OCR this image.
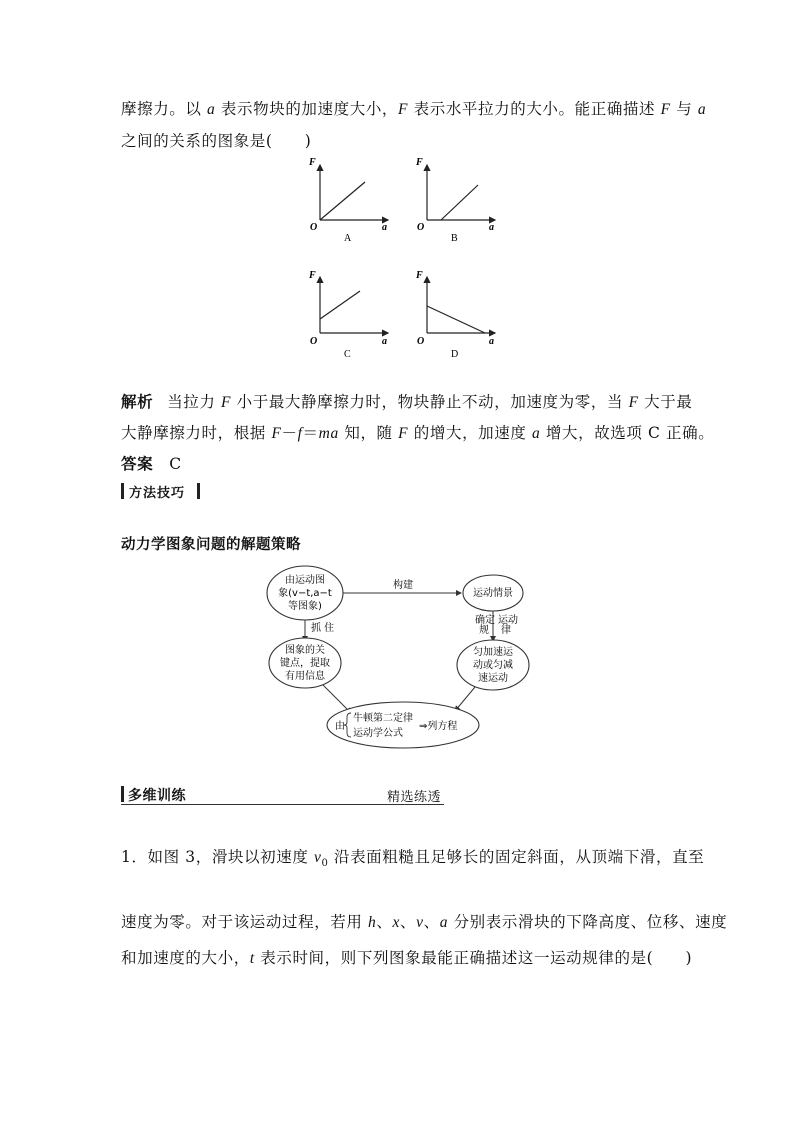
摩擦力。以 a 表示物块的加速度大小，F 表示水平拉力的大小。能正确描述 F 与 a
之间的关系的图象是(　　)
F
O	a
A
F
O	a
B
F
O	a
C
F
O	a
D
解析 当拉力 F 小于最大静摩擦力时，物块静止不动，加速度为零，当 F 大于最
大静摩擦力时，根据 F－f＝ma 知，随 F 的增大，加速度 a 增大，故选项 C 正确。
答案 C
方法技巧
动力学图象问题的解题策略
由运动图
象(v−t,a−t
等图象)
构建
运动情景
抓 住
图象的关
键点，提取
有用信息
确定
规
运动
律
匀加速运
动或匀减
速运动
由
牛顿第二定律
运动学公式
⇒列方程
多维训练	精选练透
1．如图 3，滑块以初速度 $v_0$ 沿表面粗糙且足够长的固定斜面，从顶端下滑，直至
速度为零。对于该运动过程，若用 h、x、v、a 分别表示滑块的下降高度、位移、速度
和加速度的大小，t 表示时间，则下列图象最能正确描述这一运动规律的是(　　)
